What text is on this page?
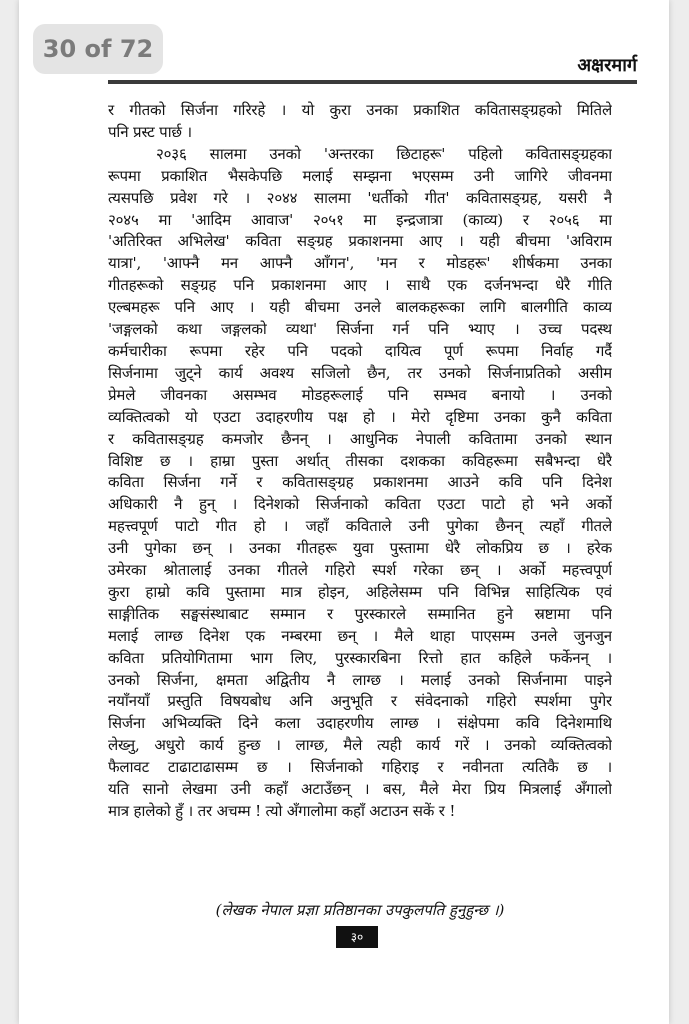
30 of 72
अक्षरमार्ग
र गीतको सिर्जना गरिरहे । यो कुरा उनका प्रकाशित कवितासङ्ग्रहको मितिले
पनि प्रस्ट पार्छ ।
२०३६ सालमा उनको 'अन्तरका छिटाहरू' पहिलो कवितासङ्ग्रहका
रूपमा प्रकाशित भैसकेपछि मलाई सम्झना भएसम्म उनी जागिरे जीवनमा
त्यसपछि प्रवेश गरे । २०४४ सालमा 'धर्तीको गीत' कवितासङ्ग्रह, यसरी नै
२०४५ मा 'आदिम आवाज' २०५१ मा इन्द्रजात्रा (काव्य) र २०५६ मा
'अतिरिक्त अभिलेख' कविता सङ्ग्रह प्रकाशनमा आए । यही बीचमा 'अविराम
यात्रा', 'आफ्नै मन आफ्नै आँगन', 'मन र मोडहरू' शीर्षकमा उनका
गीतहरूको सङ्ग्रह पनि प्रकाशनमा आए । साथै एक दर्जनभन्दा धेरै गीति
एल्बमहरू पनि आए । यही बीचमा उनले बालकहरूका लागि बालगीति काव्य
'जङ्गलको कथा जङ्गलको व्यथा' सिर्जना गर्न पनि भ्याए । उच्च पदस्थ
कर्मचारीका रूपमा रहेर पनि पदको दायित्व पूर्ण रूपमा निर्वाह गर्दै
सिर्जनामा जुट्ने कार्य अवश्य सजिलो छैन, तर उनको सिर्जनाप्रतिको असीम
प्रेमले जीवनका असम्भव मोडहरूलाई पनि सम्भव बनायो । उनको
व्यक्तित्वको यो एउटा उदाहरणीय पक्ष हो । मेरो दृष्टिमा उनका कुनै कविता
र कवितासङ्ग्रह कमजोर छैनन् । आधुनिक नेपाली कवितामा उनको स्थान
विशिष्ट छ । हाम्रा पुस्ता अर्थात् तीसका दशकका कविहरूमा सबैभन्दा धेरै
कविता सिर्जना गर्ने र कवितासङ्ग्रह प्रकाशनमा आउने कवि पनि दिनेश
अधिकारी नै हुन् । दिनेशको सिर्जनाको कविता एउटा पाटो हो भने अर्को
महत्त्वपूर्ण पाटो गीत हो । जहाँ कविताले उनी पुगेका छैनन् त्यहाँ गीतले
उनी पुगेका छन् । उनका गीतहरू युवा पुस्तामा धेरै लोकप्रिय छ । हरेक
उमेरका श्रोतालाई उनका गीतले गहिरो स्पर्श गरेका छन् । अर्को महत्त्वपूर्ण
कुरा हाम्रो कवि पुस्तामा मात्र होइन, अहिलेसम्म पनि विभिन्न साहित्यिक एवं
साङ्गीतिक सङ्घसंस्थाबाट सम्मान र पुरस्कारले सम्मानित हुने स्रष्टामा पनि
मलाई लाग्छ दिनेश एक नम्बरमा छन् । मैले थाहा पाएसम्म उनले जुनजुन
कविता प्रतियोगितामा भाग लिए, पुरस्कारबिना रित्तो हात कहिले फर्केनन् ।
उनको सिर्जना, क्षमता अद्वितीय नै लाग्छ । मलाई उनको सिर्जनामा पाइने
नयाँनयाँ प्रस्तुति विषयबोध अनि अनुभूति र संवेदनाको गहिरो स्पर्शमा पुगेर
सिर्जना अभिव्यक्ति दिने कला उदाहरणीय लाग्छ । संक्षेपमा कवि दिनेशमाथि
लेख्नु, अधुरो कार्य हुन्छ । लाग्छ, मैले त्यही कार्य गरें । उनको व्यक्तित्वको
फैलावट टाढाटाढासम्म छ । सिर्जनाको गहिराइ र नवीनता त्यतिकै छ ।
यति सानो लेखमा उनी कहाँ अटाउँछन् । बस, मैले मेरा प्रिय मित्रलाई अँगालो
मात्र हालेको हुँ । तर अचम्म ! त्यो अँगालोमा कहाँ अटाउन सकें र !
(लेखक नेपाल प्रज्ञा प्रतिष्ठानका उपकुलपति हुनुहुन्छ ।)
३०
